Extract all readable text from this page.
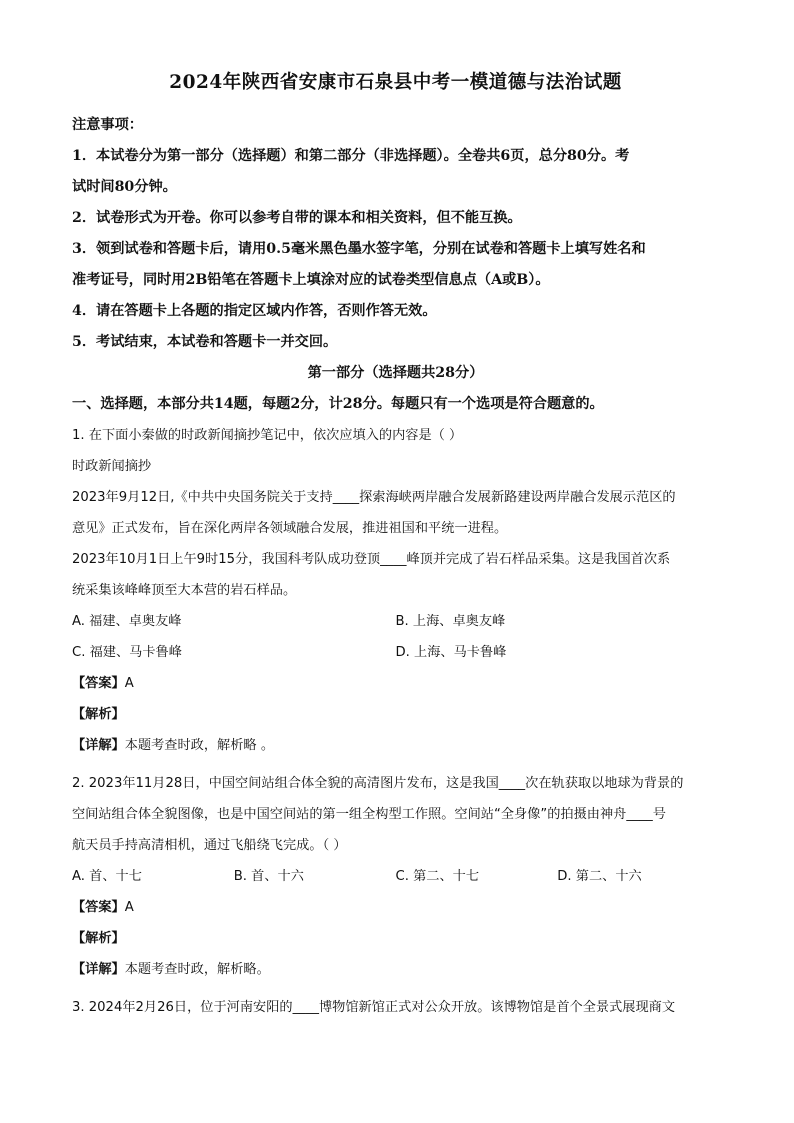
2024年陕西省安康市石泉县中考一模道德与法治试题
注意事项：
1．本试卷分为第一部分（选择题）和第二部分（非选择题）。全卷共6页，总分80分。考
试时间80分钟。
2．试卷形式为开卷。你可以参考自带的课本和相关资料，但不能互换。
3．领到试卷和答题卡后，请用0.5毫米黑色墨水签字笔，分别在试卷和答题卡上填写姓名和
准考证号，同时用2B铅笔在答题卡上填涂对应的试卷类型信息点（A或B）。
4．请在答题卡上各题的指定区域内作答，否则作答无效。
5．考试结束，本试卷和答题卡一并交回。
第一部分（选择题共28分）
一、选择题，本部分共14题，每题2分，计28分。每题只有一个选项是符合题意的。
1. 在下面小秦做的时政新闻摘抄笔记中，依次应填入的内容是（ ）
时政新闻摘抄
2023年9月12日,《中共中央国务院关于支持____探索海峡两岸融合发展新路建设两岸融合发展示范区的
意见》正式发布，旨在深化两岸各领域融合发展，推进祖国和平统一进程。
2023年10月1日上午9时15分，我国科考队成功登顶____峰顶并完成了岩石样品采集。这是我国首次系
统采集该峰峰顶至大本营的岩石样品。
A. 福建、卓奥友峰	B. 上海、卓奥友峰
C. 福建、马卡鲁峰	D. 上海、马卡鲁峰
【答案】A
【解析】
【详解】本题考查时政，解析略 。
2. 2023年11月28日，中国空间站组合体全貌的高清图片发布，这是我国____次在轨获取以地球为背景的
空间站组合体全貌图像，也是中国空间站的第一组全构型工作照。空间站“全身像”的拍摄由神舟____号
航天员手持高清相机，通过飞船绕飞完成。（ ）
A. 首、十七	B. 首、十六	C. 第二、十七	D. 第二、十六
【答案】A
【解析】
【详解】本题考查时政，解析略。
3. 2024年2月26日，位于河南安阳的____博物馆新馆正式对公众开放。该博物馆是首个全景式展现商文
